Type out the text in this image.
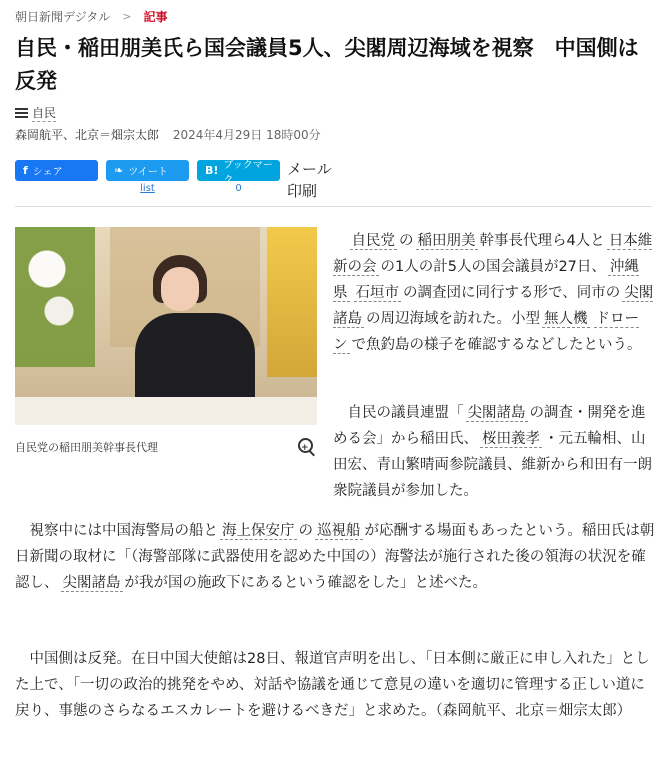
朝日新聞デジタル > 記事
自民・稲田朋美氏ら国会議員5人、尖閣周辺海域を視察　中国側は反発
自民
森岡航平、北京＝畑宗太郎 2024年4月29日 18時00分
f シェア	❧ ツイート
list
B! ブックマーク
0
メール
印刷
自民党の稲田朋美幹事長代理	+

　自民党 の 稲田朋美 幹事長代理ら4人と 日本維新の会 の1人の計5人の国会議員が27日、 沖縄県 石垣市 の調査団に同行する形で、同市の 尖閣諸島 の周辺海域を訪れた。小型 無人機 ドローン で魚釣島の様子を確認するなどしたという。

　自民の議員連盟「 尖閣諸島 の調査・開発を進める会」から稲田氏、 桜田義孝 ・元五輪相、山田宏、青山繁晴両参院議員、維新から和田有一朗衆院議員が参加した。

　視察中には中国海警局の船と 海上保安庁 の 巡視船 が応酬する場面もあったという。稲田氏は朝日新聞の取材に「（海警部隊に武器使用を認めた中国の）海警法が施行された後の領海の状況を確認し、 尖閣諸島 が我が国の施政下にあるという確認をした」と述べた。

　中国側は反発。在日中国大使館は28日、報道官声明を出し、「日本側に厳正に申し入れた」とした上で、「一切の政治的挑発をやめ、対話や協議を通じて意見の違いを適切に管理する正しい道に戻り、事態のさらなるエスカレートを避けるべきだ」と求めた。（森岡航平、北京＝畑宗太郎）
